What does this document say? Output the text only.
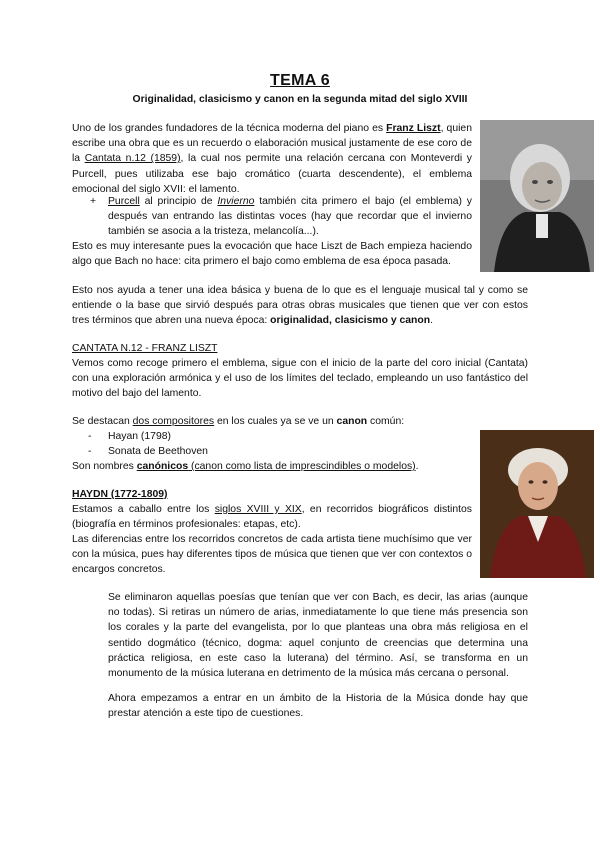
TEMA 6
Originalidad, clasicismo y canon en la segunda mitad del siglo XVIII
Uno de los grandes fundadores de la técnica moderna del piano es Franz Liszt, quien escribe una obra que es un recuerdo o elaboración musical justamente de ese coro de la Cantata n.12 (1859), la cual nos permite una relación cercana con Monteverdi y Purcell, pues utilizaba ese bajo cromático (cuarta descendente), el emblema emocional del siglo XVII: el lamento.
+	Purcell al principio de Invierno también cita primero el bajo (el emblema) y después van entrando las distintas voces (hay que recordar que el invierno también se asocia a la tristeza, melancolía...).
Esto es muy interesante pues la evocación que hace Liszt de Bach empieza haciendo algo que Bach no hace: cita primero el bajo como emblema de esa época pasada.
Esto nos ayuda a tener una idea básica y buena de lo que es el lenguaje musical tal y como se entiende o la base que sirvió después para otras obras musicales que tienen que ver con estos tres términos que abren una nueva época: originalidad, clasicismo y canon.
CANTATA N.12 - FRANZ LISZT
Vemos como recoge primero el emblema, sigue con el inicio de la parte del coro inicial (Cantata) con una exploración armónica y el uso de los límites del teclado, empleando un uso fantástico del motivo del bajo del lamento.
Se destacan dos compositores en los cuales ya se ve un canon común:
- Hayan (1798)
- Sonata de Beethoven
Son nombres canónicos (canon como lista de imprescindibles o modelos).
HAYDN (1772-1809)
Estamos a caballo entre los siglos XVIII y XIX, en recorridos biográficos distintos (biografía en términos profesionales: etapas, etc).
Las diferencias entre los recorridos concretos de cada artista tiene muchísimo que ver con la música, pues hay diferentes tipos de música que tienen que ver con contextos o encargos concretos.
Se eliminaron aquellas poesías que tenían que ver con Bach, es decir, las arias (aunque no todas). Si retiras un número de arias, inmediatamente lo que tiene más presencia son los corales y la parte del evangelista, por lo que planteas una obra más religiosa en el sentido dogmático (técnico, dogma: aquel conjunto de creencias que determina una práctica religiosa, en este caso la luterana) del término. Así, se transforma en un monumento de la música luterana en detrimento de la música más cercana o personal.
Ahora empezamos a entrar en un ámbito de la Historia de la Música donde hay que prestar atención a este tipo de cuestiones.
